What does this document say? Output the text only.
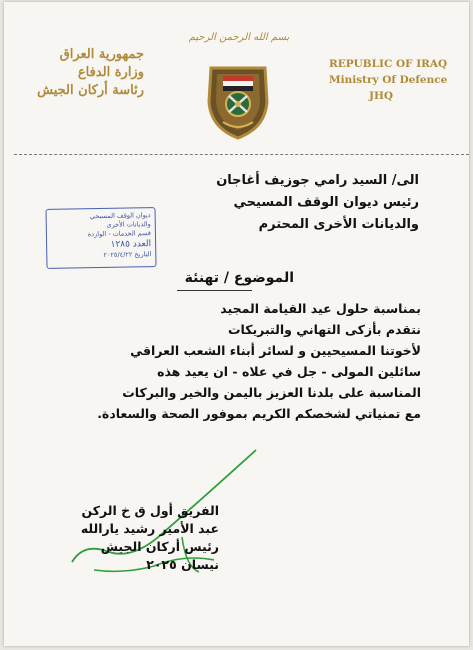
بسم الله الرحمن الرحيم
جمهورية العراق
وزارة الدفاع
رئاسة أركان الجيش
REPUBLIC OF IRAQ
Ministry Of Defence
JHQ
الى/ السيد رامي جوزيف أغاجان
رئيس ديوان الوقف المسيحي
والديانات الأخرى المحترم
ديوان الوقف المسيحي
والديانات الأخرى
قسم الخدمات - الواردة
العدد ١٢٨٥
التاريخ ٢٠٢٥/٤/٢٢
الموضوع / تهنئة
بمناسبة حلول عيد القيامة المجيد
نتقدم بأزكى التهاني والتبريكات
لأخوتنا المسيحيين و لسائر أبناء الشعب العراقي
سائلين المولى - جل في علاه - ان يعيد هذه
المناسبة على بلدنا العزيز باليمن والخير والبركات
مع تمنياتي لشخصكم الكريم بموفور الصحة والسعادة.
الفريق أول ق خ الركن
عبد الأمير رشيد يارالله
رئيس أركان الجيش
نيسان ٢٠٢٥
